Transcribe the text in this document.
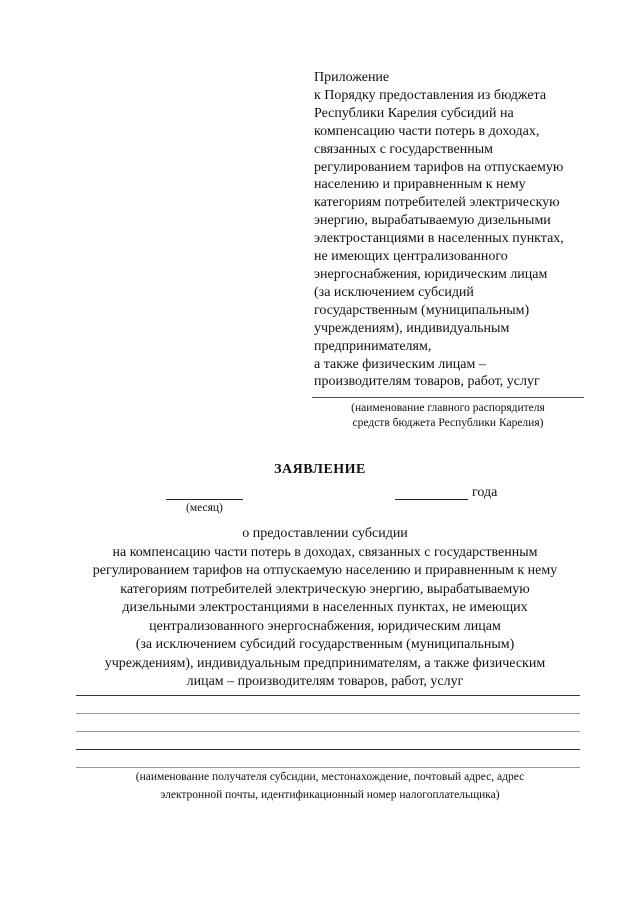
Приложение
к Порядку предоставления из бюджета
Республики Карелия субсидий на
компенсацию части потерь в доходах,
связанных с государственным
регулированием тарифов на отпускаемую
населению и приравненным к нему
категориям потребителей электрическую
энергию, вырабатываемую дизельными
электростанциями в населенных пунктах,
не имеющих централизованного
энергоснабжения, юридическим лицам
(за исключением субсидий
государственным (муниципальным)
учреждениям), индивидуальным
предпринимателям,
а также физическим лицам –
производителям товаров, работ, услуг
(наименование главного распорядителя
средств бюджета Республики Карелия)
ЗАЯВЛЕНИЕ
(месяц)
года
о предоставлении субсидии
на компенсацию части потерь в доходах, связанных с государственным
регулированием тарифов на отпускаемую населению и приравненным к нему
категориям потребителей электрическую энергию, вырабатываемую
дизельными электростанциями в населенных пунктах, не имеющих
централизованного энергоснабжения, юридическим лицам
(за исключением субсидий государственным (муниципальным)
учреждениям), индивидуальным предпринимателям, а также физическим
лицам – производителям товаров, работ, услуг
(наименование получателя субсидии, местонахождение, почтовый адрес, адрес
электронной почты, идентификационный номер налогоплательщика)
